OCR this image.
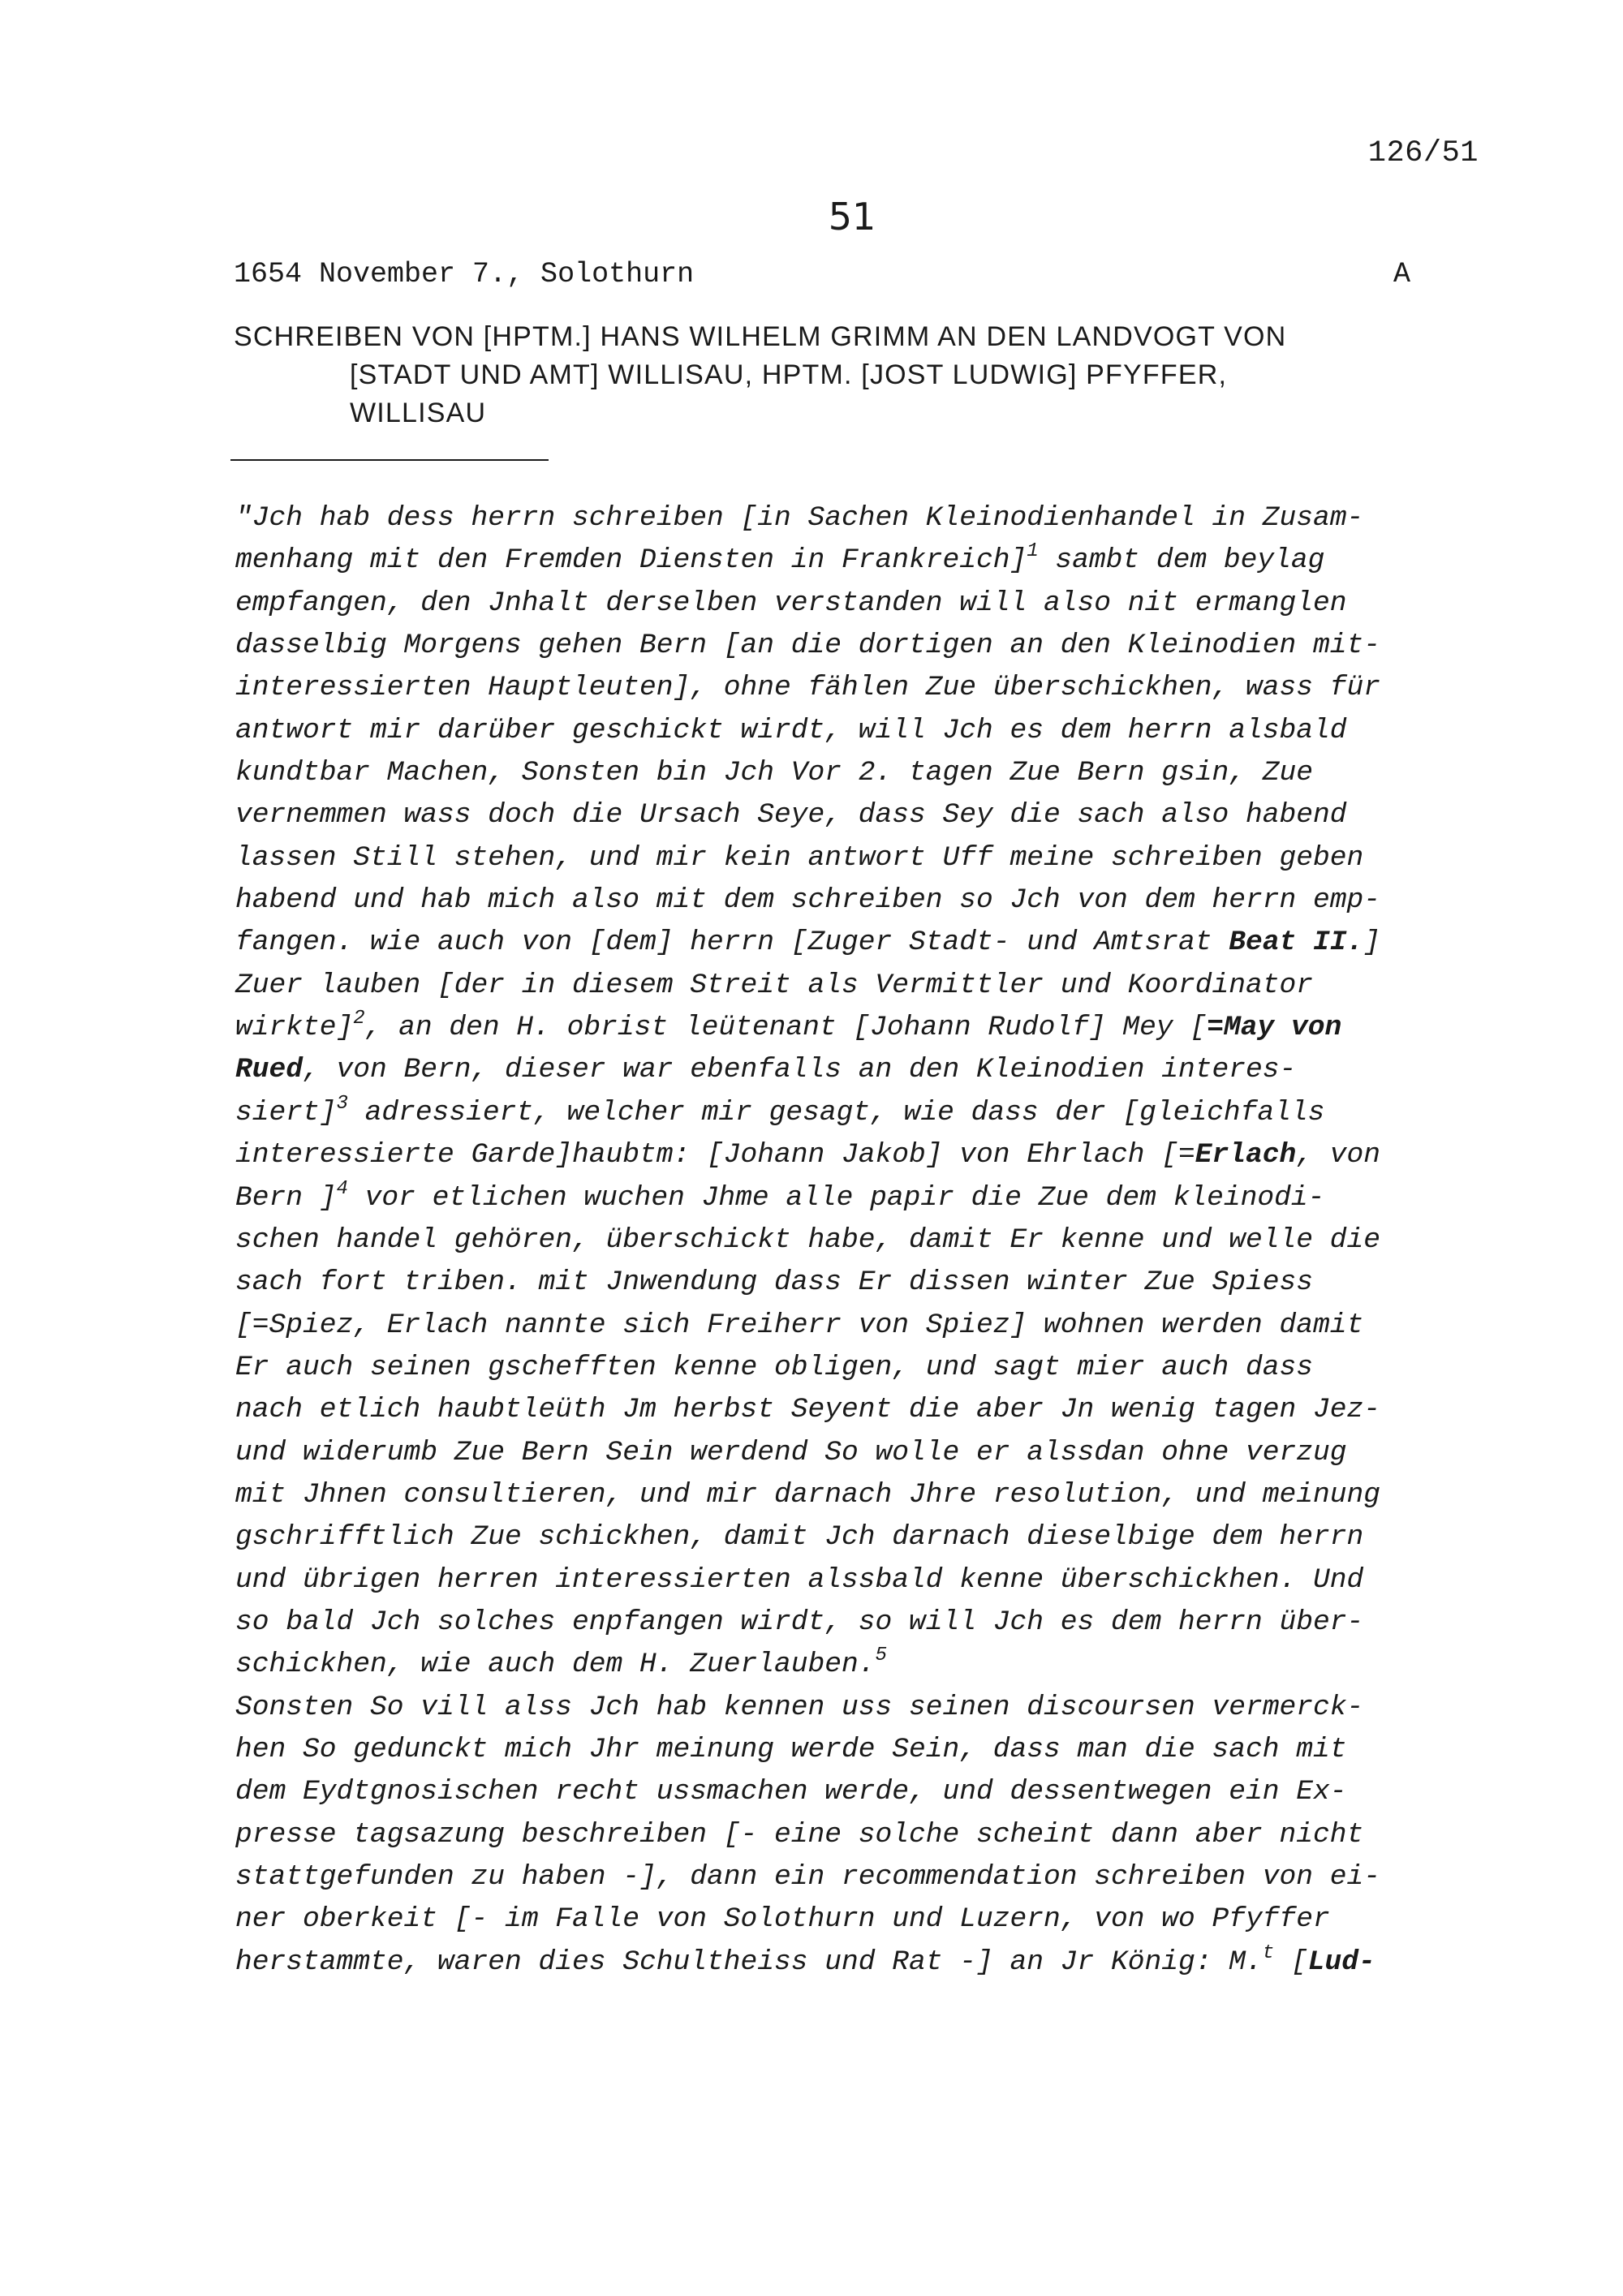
126/51
51
1654 November 7., Solothurn	A
SCHREIBEN VON [HPTM.] HANS WILHELM GRIMM AN DEN LANDVOGT VON
[STADT UND AMT] WILLISAU, HPTM. [JOST LUDWIG] PFYFFER,
WILLISAU
"Jch hab dess herrn schreiben [in Sachen Kleinodienhandel in Zusam-
menhang mit den Fremden Diensten in Frankreich]$^1$ sambt dem beylag
empfangen, den Jnhalt derselben verstanden will also nit ermanglen
dasselbig Morgens gehen Bern [an die dortigen an den Kleinodien mit-
interessierten Hauptleuten], ohne fählen Zue überschickhen, wass für
antwort mir darüber geschickt wirdt, will Jch es dem herrn alsbald
kundtbar Machen, Sonsten bin Jch Vor 2. tagen Zue Bern gsin, Zue
vernemmen wass doch die Ursach Seye, dass Sey die sach also habend
lassen Still stehen, und mir kein antwort Uff meine schreiben geben
habend und hab mich also mit dem schreiben so Jch von dem herrn emp-
fangen. wie auch von [dem] herrn [Zuger Stadt- und Amtsrat Beat II.]
Zuer lauben [der in diesem Streit als Vermittler und Koordinator
wirkte]$^2$, an den H. obrist leütenant [Johann Rudolf] Mey [=May von
Rued, von Bern, dieser war ebenfalls an den Kleinodien interes-
siert]$^3$ adressiert, welcher mir gesagt, wie dass der [gleichfalls
interessierte Garde]haubtm: [Johann Jakob] von Ehrlach [=Erlach, von
Bern ]$^4$ vor etlichen wuchen Jhme alle papir die Zue dem kleinodi-
schen handel gehören, überschickt habe, damit Er kenne und welle die
sach fort triben. mit Jnwendung dass Er dissen winter Zue Spiess
[=Spiez, Erlach nannte sich Freiherr von Spiez] wohnen werden damit
Er auch seinen gschefften kenne obligen, und sagt mier auch dass
nach etlich haubtleüth Jm herbst Seyent die aber Jn wenig tagen Jez-
und widerumb Zue Bern Sein werdend So wolle er alssdan ohne verzug
mit Jhnen consultieren, und mir darnach Jhre resolution, und meinung
gschrifftlich Zue schickhen, damit Jch darnach dieselbige dem herrn
und übrigen herren interessierten alssbald kenne überschickhen. Und
so bald Jch solches enpfangen wirdt, so will Jch es dem herrn über-
schickhen, wie auch dem H. Zuerlauben.$^5$
Sonsten So vill alss Jch hab kennen uss seinen discoursen vermerck-
hen So gedunckt mich Jhr meinung werde Sein, dass man die sach mit
dem Eydtgnosischen recht ussmachen werde, und dessentwegen ein Ex-
presse tagsazung beschreiben [- eine solche scheint dann aber nicht
stattgefunden zu haben -], dann ein recommendation schreiben von ei-
ner oberkeit [- im Falle von Solothurn und Luzern, von wo Pfyffer
herstammte, waren dies Schultheiss und Rat -] an Jr König: M.$^t$ [Lud-
